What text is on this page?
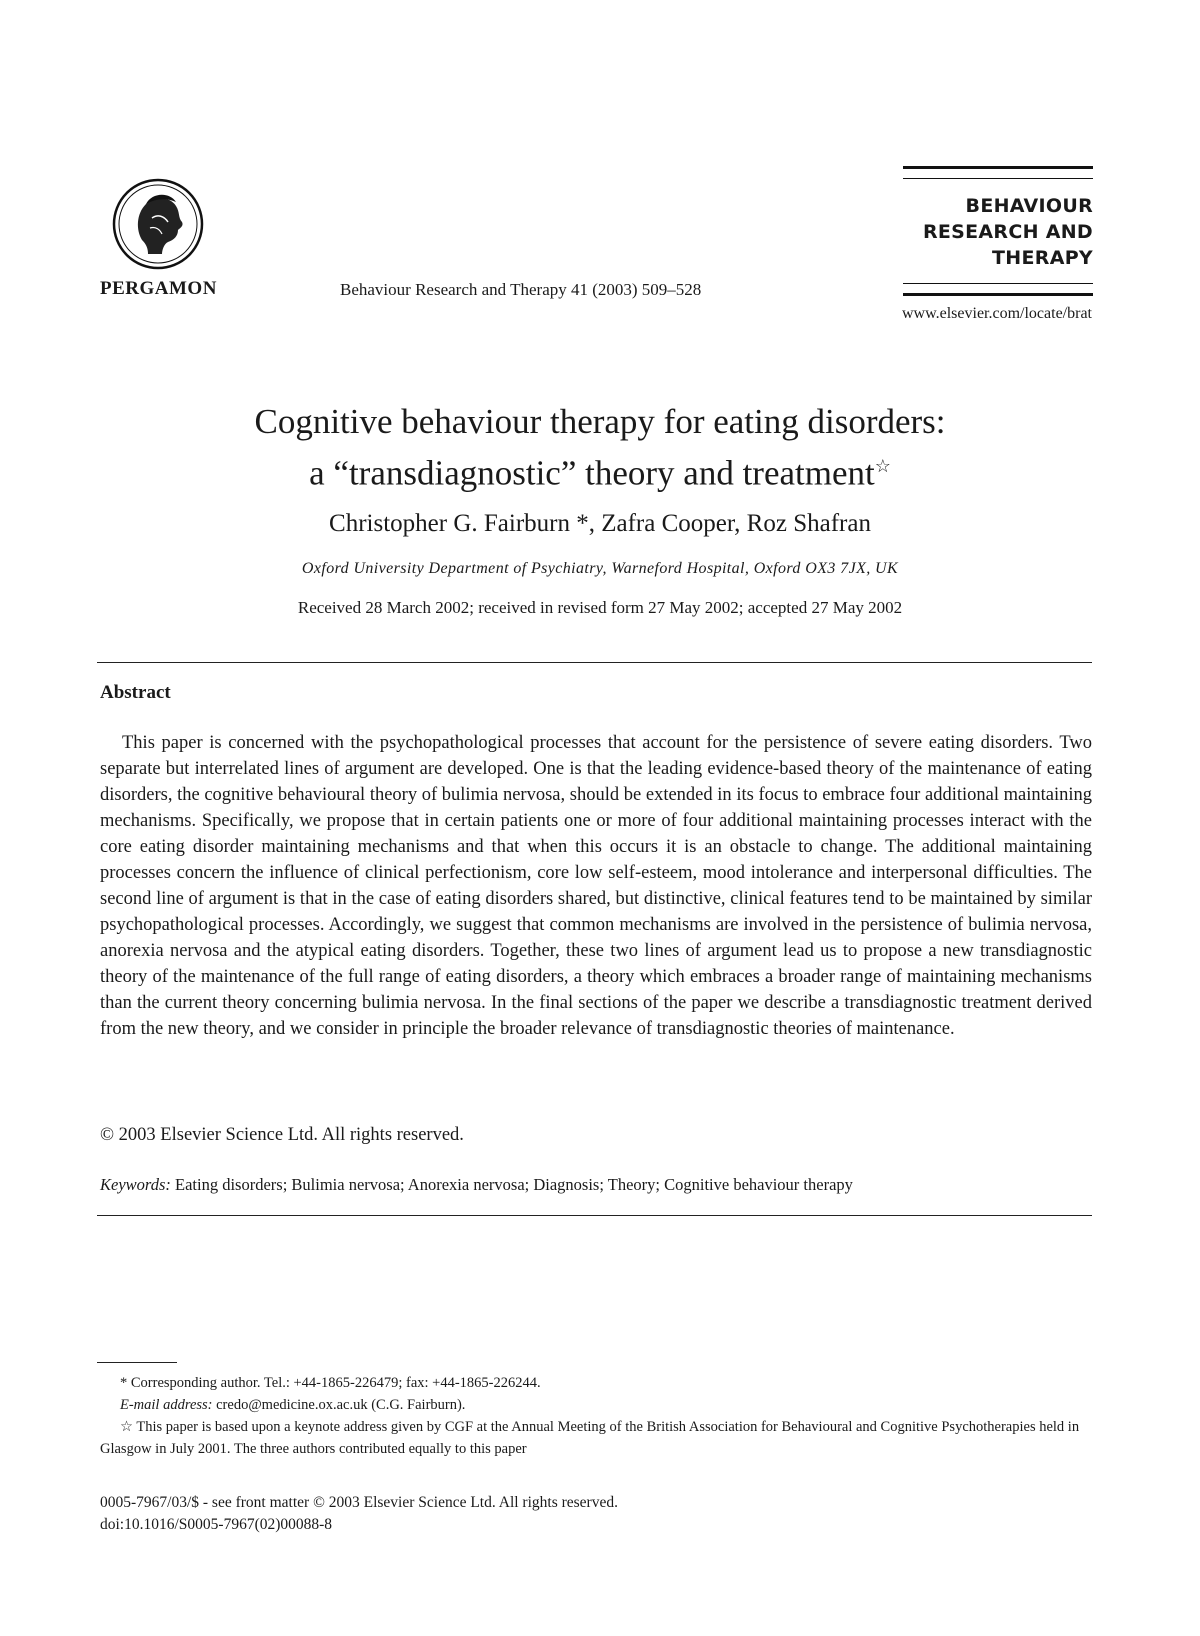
PERGAMON	Behaviour Research and Therapy 41 (2003) 509–528
BEHAVIOUR
RESEARCH AND
THERAPY
www.elsevier.com/locate/brat
Cognitive behaviour therapy for eating disorders:
a “transdiagnostic” theory and treatment☆
Christopher G. Fairburn *, Zafra Cooper, Roz Shafran
Oxford University Department of Psychiatry, Warneford Hospital, Oxford OX3 7JX, UK
Received 28 March 2002; received in revised form 27 May 2002; accepted 27 May 2002
Abstract

This paper is concerned with the psychopathological processes that account for the persistence of severe eating disorders. Two separate but interrelated lines of argument are developed. One is that the leading evidence-based theory of the maintenance of eating disorders, the cognitive behavioural theory of bulimia nervosa, should be extended in its focus to embrace four additional maintaining mechanisms. Specifically, we propose that in certain patients one or more of four additional maintaining processes interact with the core eating disorder maintaining mechanisms and that when this occurs it is an obstacle to change. The additional maintaining processes concern the influence of clinical perfectionism, core low self-esteem, mood intolerance and interpersonal difficulties. The second line of argument is that in the case of eating disorders shared, but distinctive, clinical features tend to be maintained by similar psychopathological processes. Accordingly, we suggest that common mechanisms are involved in the persistence of bulimia nervosa, anorexia nervosa and the atypical eating disorders. Together, these two lines of argument lead us to propose a new transdiagnostic theory of the maintenance of the full range of eating disorders, a theory which embraces a broader range of maintaining mechanisms than the current theory concerning bulimia nervosa. In the final sections of the paper we describe a transdiagnostic treatment derived from the new theory, and we consider in principle the broader relevance of transdiagnostic theories of maintenance.

© 2003 Elsevier Science Ltd. All rights reserved.
Keywords: Eating disorders; Bulimia nervosa; Anorexia nervosa; Diagnosis; Theory; Cognitive behaviour therapy

* Corresponding author. Tel.: +44-1865-226479; fax: +44-1865-226244.

E-mail address: credo@medicine.ox.ac.uk (C.G. Fairburn).

☆ This paper is based upon a keynote address given by CGF at the Annual Meeting of the British Association for Behavioural and Cognitive Psychotherapies held in Glasgow in July 2001. The three authors contributed equally to this paper

0005-7967/03/$ - see front matter © 2003 Elsevier Science Ltd. All rights reserved.
doi:10.1016/S0005-7967(02)00088-8
